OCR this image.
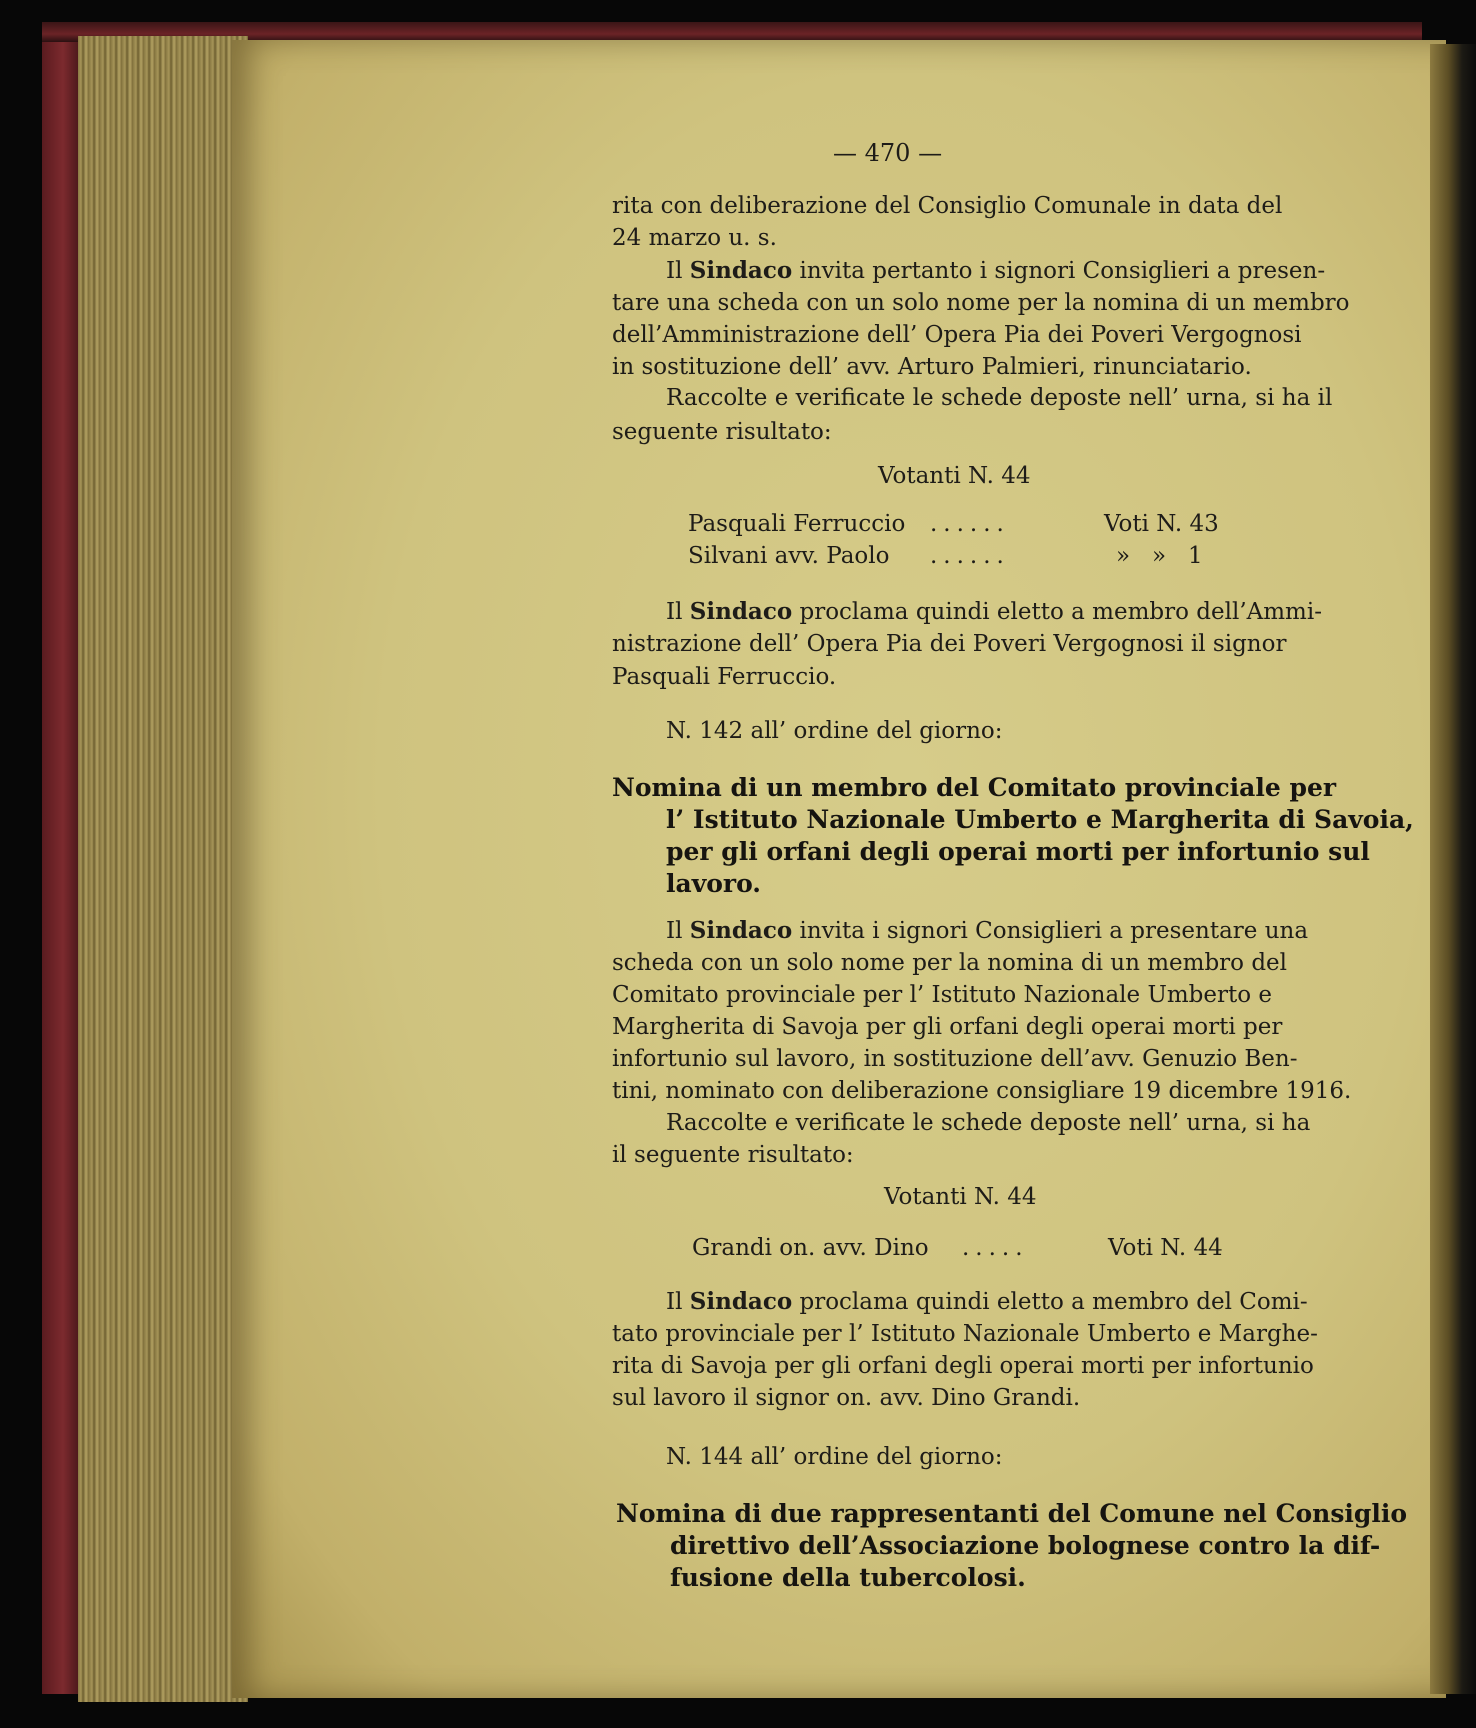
— 470 —
rita con deliberazione del Consiglio Comunale in data del
24 marzo u. s.
Il Sindaco invita pertanto i signori Consiglieri a presen-
tare una scheda con un solo nome per la nomina di un membro
dell’Amministrazione dell’ Opera Pia dei Poveri Vergognosi
in sostituzione dell’ avv. Arturo Palmieri, rinunciatario.
Raccolte e verificate le schede deposte nell’ urna, si ha il
seguente risultato:
Votanti N. 44
Pasquali Ferruccio ......	Voti N. 43
Silvani avv. Paolo ......	»   »   1
Il Sindaco proclama quindi eletto a membro dell’Ammi-
nistrazione dell’ Opera Pia dei Poveri Vergognosi il signor
Pasquali Ferruccio.
N. 142 all’ ordine del giorno:
Nomina di un membro del Comitato provinciale per
l’ Istituto Nazionale Umberto e Margherita di Savoia,
per gli orfani degli operai morti per infortunio sul
lavoro.
Il Sindaco invita i signori Consiglieri a presentare una
scheda con un solo nome per la nomina di un membro del
Comitato provinciale per l’ Istituto Nazionale Umberto e
Margherita di Savoja per gli orfani degli operai morti per
infortunio sul lavoro, in sostituzione dell’avv. Genuzio Ben-
tini, nominato con deliberazione consigliare 19 dicembre 1916.
Raccolte e verificate le schede deposte nell’ urna, si ha
il seguente risultato:
Votanti N. 44
Grandi on. avv. Dino .....	Voti N. 44
Il Sindaco proclama quindi eletto a membro del Comi-
tato provinciale per l’ Istituto Nazionale Umberto e Marghe-
rita di Savoja per gli orfani degli operai morti per infortunio
sul lavoro il signor on. avv. Dino Grandi.
N. 144 all’ ordine del giorno:
Nomina di due rappresentanti del Comune nel Consiglio
direttivo dell’Associazione bolognese contro la dif-
fusione della tubercolosi.
